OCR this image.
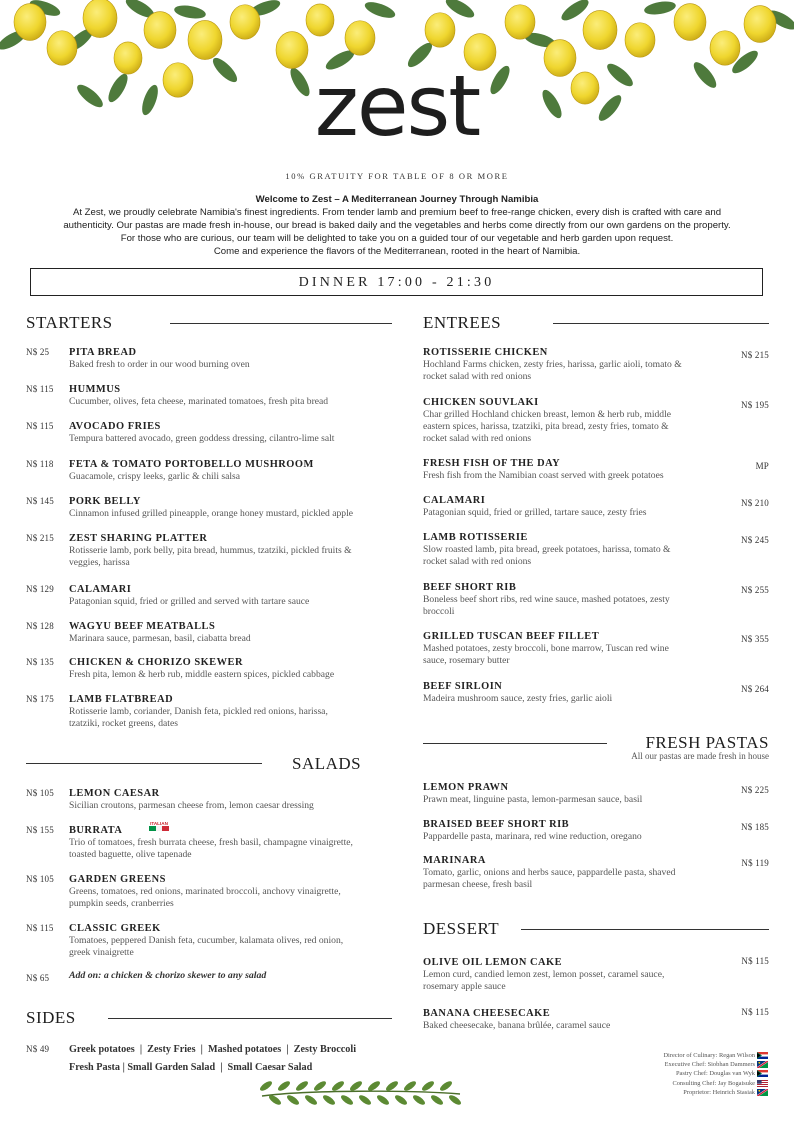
zest
10% GRATUITY FOR TABLE OF 8 OR MORE
Welcome to Zest – A Mediterranean Journey Through Namibia
At Zest, we proudly celebrate Namibia's finest ingredients. From tender lamb and premium beef to free-range chicken, every dish is crafted with care and
authenticity. Our pastas are made fresh in-house, our bread is baked daily and the vegetables and herbs come directly from our own gardens on the property.
For those who are curious, our team will be delighted to take you on a guided tour of our vegetable and herb garden upon request.
Come and experience the flavors of the Mediterranean, rooted in the heart of Namibia.
DINNER 17:00 - 21:30
STARTERS
N$ 25 PITA BREAD
Baked fresh to order in our wood burning oven
N$ 115 HUMMUS
Cucumber, olives, feta cheese, marinated tomatoes, fresh pita bread
N$ 115 AVOCADO FRIES
Tempura battered avocado, green goddess dressing, cilantro-lime salt
N$ 118 FETA & TOMATO PORTOBELLO MUSHROOM
Guacamole, crispy leeks, garlic & chili salsa
N$ 145 PORK BELLY
Cinnamon infused grilled pineapple, orange honey mustard, pickled apple
N$ 215 ZEST SHARING PLATTER
Rotisserie lamb, pork belly, pita bread, hummus, tzatziki, pickled fruits &
veggies, harissa
N$ 129 CALAMARI
Patagonian squid, fried or grilled and served with tartare sauce
N$ 128 WAGYU BEEF MEATBALLS
Marinara sauce, parmesan, basil, ciabatta bread
N$ 135 CHICKEN & CHORIZO SKEWER
Fresh pita, lemon & herb rub, middle eastern spices, pickled cabbage
N$ 175 LAMB FLATBREAD
Rotisserie lamb, coriander, Danish feta, pickled red onions, harissa,
tzatziki, rocket greens, dates
SALADS
N$ 105 LEMON CAESAR
Sicilian croutons, parmesan cheese from, lemon caesar dressing
N$ 155 BURRATA
ITALIAN
Trio of tomatoes, fresh burrata cheese, fresh basil, champagne vinaigrette,
toasted baguette, olive tapenade
N$ 105 GARDEN GREENS
Greens, tomatoes, red onions, marinated broccoli, anchovy vinaigrette,
pumpkin seeds, cranberries
N$ 115 CLASSIC GREEK
Tomatoes, peppered Danish feta, cucumber, kalamata olives, red onion,
greek vinaigrette
N$ 65 Add on: a chicken & chorizo skewer to any salad
SIDES
N$ 49 Greek potatoes  |  Zesty Fries  |  Mashed potatoes  |  Zesty Broccoli
Fresh Pasta | Small Garden Salad  |  Small Caesar Salad
ENTREES
N$ 215
ROTISSERIE CHICKEN
Hochland Farms chicken, zesty fries, harissa, garlic aioli, tomato &
rocket salad with red onions
N$ 195
CHICKEN SOUVLAKI
Char grilled Hochland chicken breast, lemon & herb rub, middle
eastern spices, harissa, tzatziki, pita bread, zesty fries, tomato &
rocket salad with red onions
MP
FRESH FISH OF THE DAY
Fresh fish from the Namibian coast served with greek potatoes
N$ 210
CALAMARI
Patagonian squid, fried or grilled, tartare sauce, zesty fries
N$ 245
LAMB ROTISSERIE
Slow roasted lamb, pita bread, greek potatoes, harissa, tomato &
rocket salad with red onions
N$ 255
BEEF SHORT RIB
Boneless beef short ribs, red wine sauce, mashed potatoes, zesty
broccoli
N$ 355
GRILLED TUSCAN BEEF FILLET
Mashed potatoes, zesty broccoli, bone marrow, Tuscan red wine
sauce, rosemary butter
N$ 264
BEEF SIRLOIN
Madeira mushroom sauce, zesty fries, garlic aioli
FRESH PASTAS
All our pastas are made fresh in house
N$ 225
LEMON PRAWN
Prawn meat, linguine pasta, lemon-parmesan sauce, basil
N$ 185
BRAISED BEEF SHORT RIB
Pappardelle pasta, marinara, red wine reduction, oregano
N$ 119
MARINARA
Tomato, garlic, onions and herbs sauce, pappardelle pasta, shaved
parmesan cheese, fresh basil
DESSERT
N$ 115
OLIVE OIL LEMON CAKE
Lemon curd, candied lemon zest, lemon posset, caramel sauce,
rosemary apple sauce
N$ 115
BANANA CHEESECAKE
Baked cheesecake, banana brûlée, caramel sauce
Director of Culinary: Regan Wilson
Executive Chef: Siobhan Dammers
Pastry Chef: Douglas van Wyk
Consulting Chef: Jay Bogaisuke
Proprietor: Heinrich Stasiak
